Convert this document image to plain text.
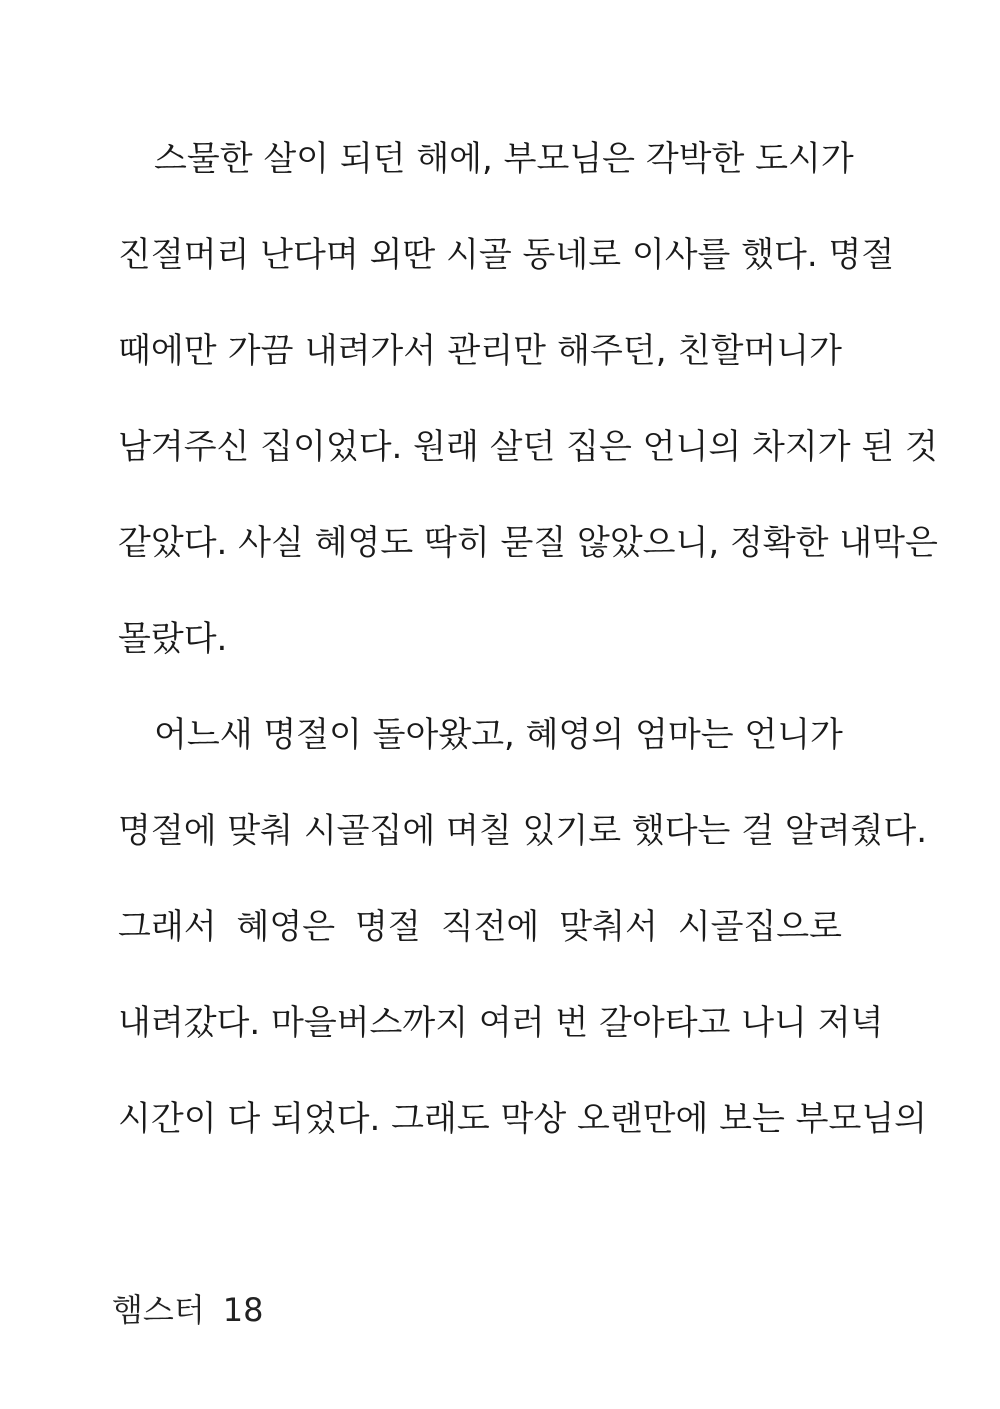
스물한 살이 되던 해에, 부모님은 각박한 도시가
진절머리 난다며 외딴 시골 동네로 이사를 했다. 명절
때에만 가끔 내려가서 관리만 해주던, 친할머니가
남겨주신 집이었다. 원래 살던 집은 언니의 차지가 된 것
같았다. 사실 혜영도 딱히 묻질 않았으니, 정확한 내막은
몰랐다.
어느새 명절이 돌아왔고, 혜영의 엄마는 언니가
명절에 맞춰 시골집에 며칠 있기로 했다는 걸 알려줬다.
그래서 혜영은 명절 직전에 맞춰서 시골집으로
내려갔다. 마을버스까지 여러 번 갈아타고 나니 저녁
시간이 다 되었다. 그래도 막상 오랜만에 보는 부모님의
햄스터 18
